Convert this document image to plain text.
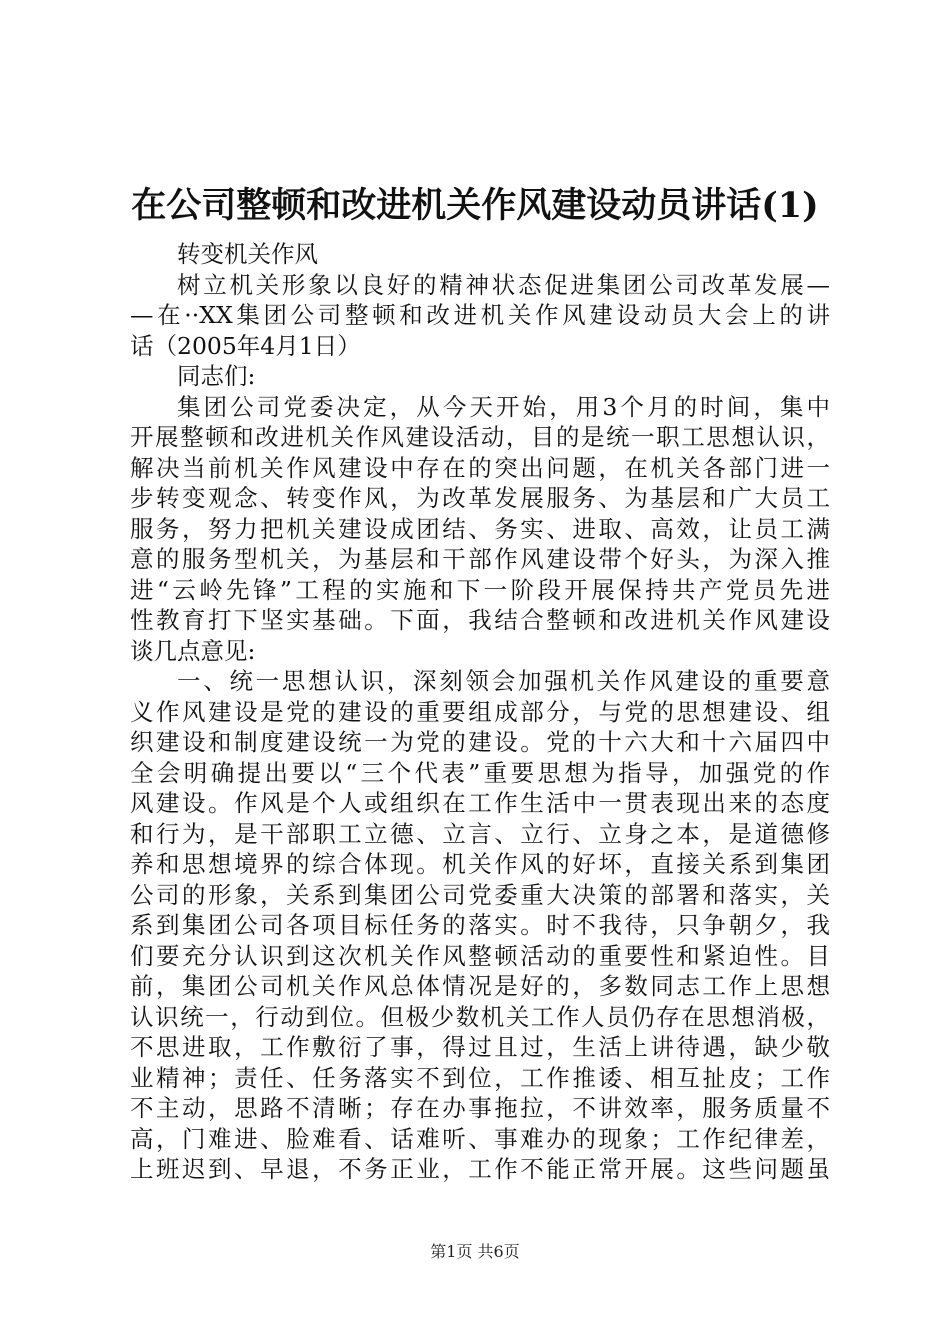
在公司整顿和改进机关作风建设动员讲话(1)
转变机关作风
树立机关形象以良好的精神状态促进集团公司改革发展—
—在··XX集团公司整顿和改进机关作风建设动员大会上的讲
话（2005年4月1日）
同志们:
集团公司党委决定，从今天开始，用3个月的时间，集中
开展整顿和改进机关作风建设活动，目的是统一职工思想认识，
解决当前机关作风建设中存在的突出问题，在机关各部门进一
步转变观念、转变作风，为改革发展服务、为基层和广大员工
服务，努力把机关建设成团结、务实、进取、高效，让员工满
意的服务型机关，为基层和干部作风建设带个好头，为深入推
进“云岭先锋”工程的实施和下一阶段开展保持共产党员先进
性教育打下坚实基础。下面，我结合整顿和改进机关作风建设
谈几点意见:
一、统一思想认识，深刻领会加强机关作风建设的重要意
义作风建设是党的建设的重要组成部分，与党的思想建设、组
织建设和制度建设统一为党的建设。党的十六大和十六届四中
全会明确提出要以“三个代表”重要思想为指导，加强党的作
风建设。作风是个人或组织在工作生活中一贯表现出来的态度
和行为，是干部职工立德、立言、立行、立身之本，是道德修
养和思想境界的综合体现。机关作风的好坏，直接关系到集团
公司的形象，关系到集团公司党委重大决策的部署和落实，关
系到集团公司各项目标任务的落实。时不我待，只争朝夕，我
们要充分认识到这次机关作风整顿活动的重要性和紧迫性。目
前，集团公司机关作风总体情况是好的，多数同志工作上思想
认识统一，行动到位。但极少数机关工作人员仍存在思想消极，
不思进取，工作敷衍了事，得过且过，生活上讲待遇，缺少敬
业精神；责任、任务落实不到位，工作推诿、相互扯皮；工作
不主动，思路不清晰；存在办事拖拉，不讲效率，服务质量不
高，门难进、脸难看、话难听、事难办的现象；工作纪律差，
上班迟到、早退，不务正业，工作不能正常开展。这些问题虽
第1页 共6页
